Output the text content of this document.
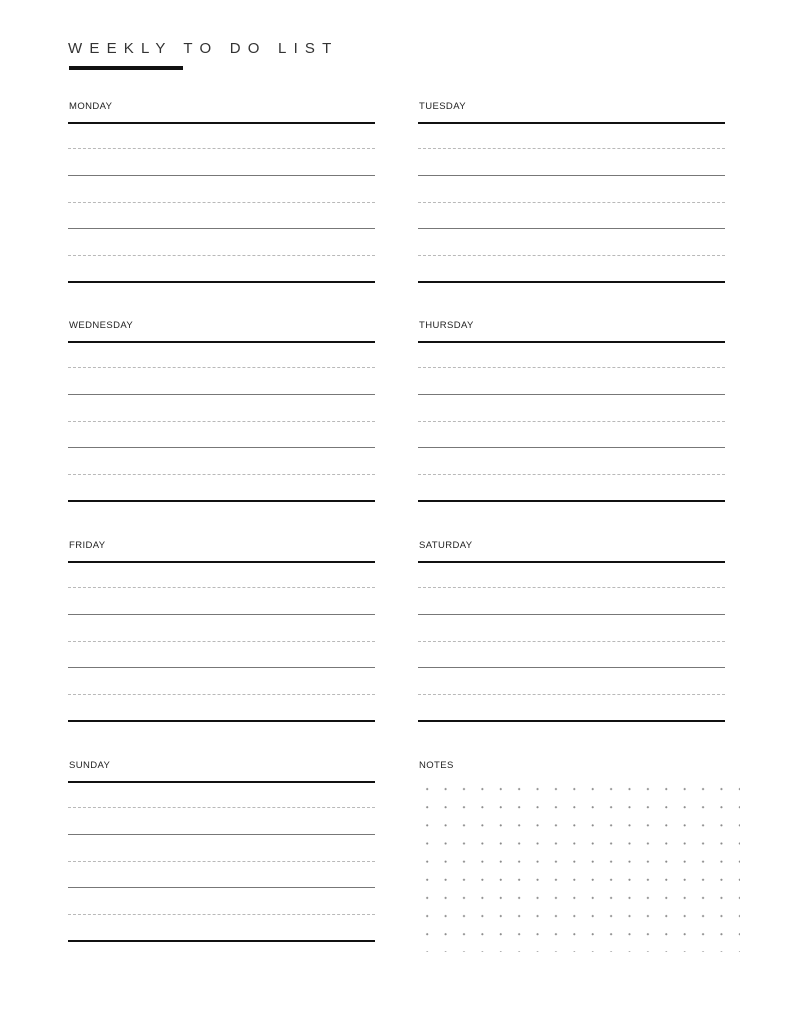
WEEKLY TO DO LIST
MONDAY	TUESDAY
WEDNESDAY	THURSDAY
FRIDAY	SATURDAY
SUNDAY	NOTES
